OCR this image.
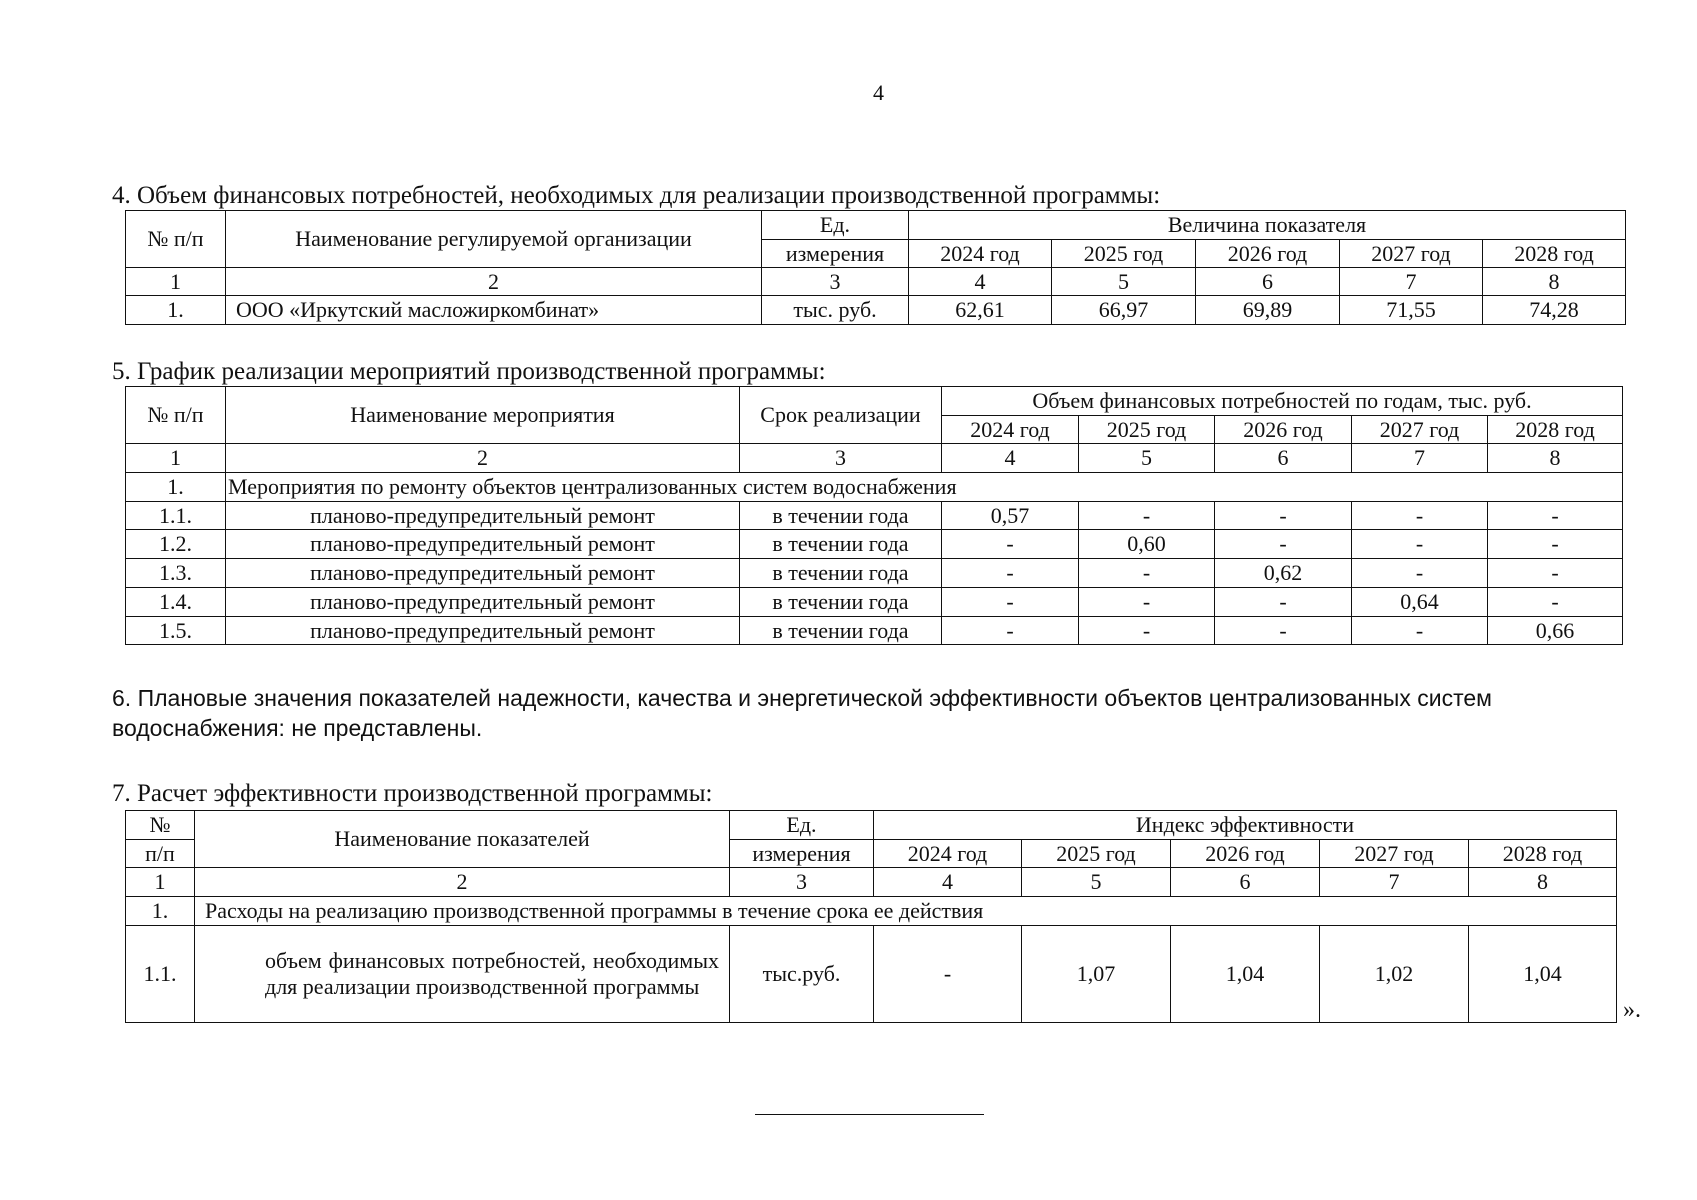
4
4. Объем финансовых потребностей, необходимых для реализации производственной программы:
№ п/п	Наименование регулируемой организации	Ед.	Величина показателя				
		измерения	2024 год	2025 год	2026 год	2027 год	2028 год
1	2	3	4	5	6	7	8
1.	ООО «Иркутский масложиркомбинат»	тыс. руб.	62,61	66,97	69,89	71,55	74,28
5. График реализации мероприятий производственной программы:
№ п/п	Наименование мероприятия	Срок реализации	Объем финансовых потребностей по годам, тыс. руб.				
			2024 год	2025 год	2026 год	2027 год	2028 год
1	2	3	4	5	6	7	8
1.	Мероприятия по ремонту объектов централизованных систем водоснабжения						
1.1.	планово-предупредительный ремонт	в течении года	0,57	-	-	-	-
1.2.	планово-предупредительный ремонт	в течении года	-	0,60	-	-	-
1.3.	планово-предупредительный ремонт	в течении года	-	-	0,62	-	-
1.4.	планово-предупредительный ремонт	в течении года	-	-	-	0,64	-
1.5.	планово-предупредительный ремонт	в течении года	-	-	-	-	0,66
6. Плановые значения показателей надежности, качества и энергетической эффективности объектов централизованных систем водоснабжения: не представлены.
7. Расчет эффективности производственной программы:
№	Наименование показателей	Ед.	Индекс эффективности				
п/п		измерения	2024 год	2025 год	2026 год	2027 год	2028 год
1	2	3	4	5	6	7	8
1.	Расходы на реализацию производственной программы в течение срока ее действия						
1.1.	объем финансовых потребностей, необходимых для реализации производственной программы	тыс.руб.	-	1,07	1,04	1,02	1,04
».
